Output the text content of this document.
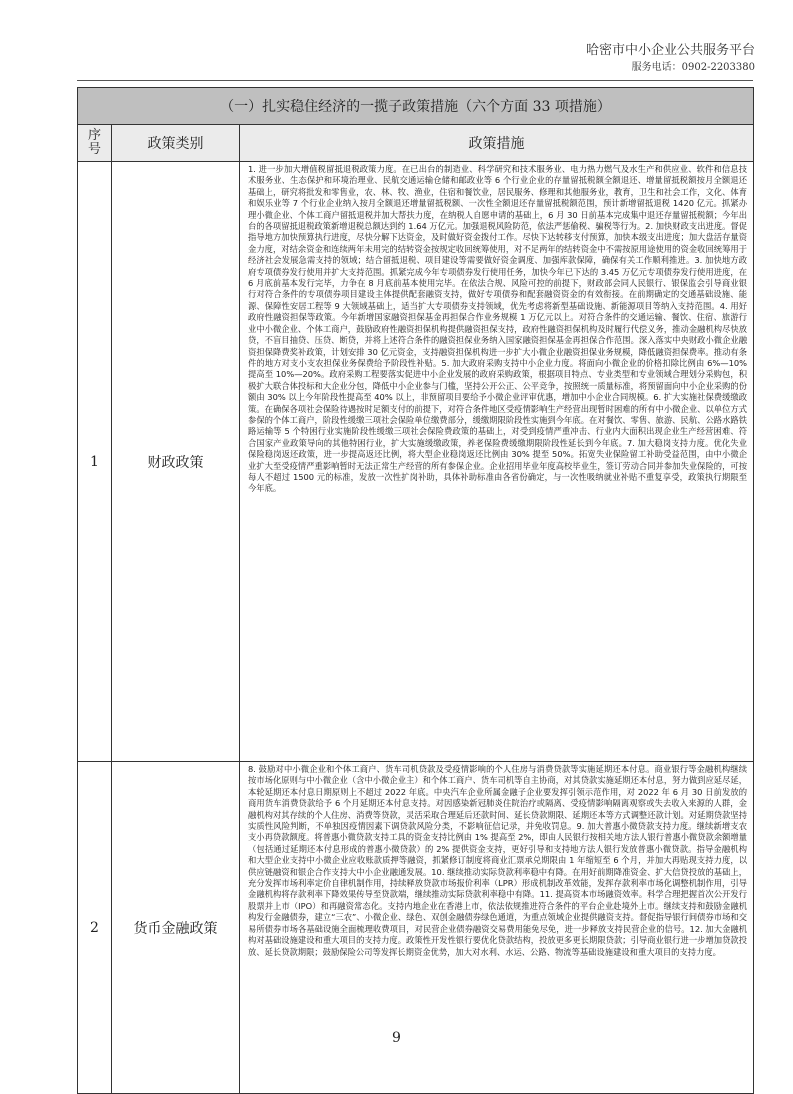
哈密市中小企业公共服务平台
服务电话：0902-2203380
（一）扎实稳住经济的一揽子政策措施（六个方面 33 项措施）		

序
号	政策类别	政策措施
1	财政政策	1. 进一步加大增值税留抵退税政策力度。在已出台的制造业、科学研究和技术服务业、电力热力燃气及水生产和供应业、软件和信息技术服务业、生态保护和环境治理业、民航交通运输仓储和邮政业等 6 个行业企业的存量留抵税额全额退还、增量留抵税额按月全额退还基础上，研究将批发和零售业，农、林、牧、渔业，住宿和餐饮业，居民服务、修理和其他服务业，教育，卫生和社会工作，文化、体育和娱乐业等 7 个行业企业纳入按月全额退还增量留抵税额、一次性全额退还存量留抵税额范围，预计新增留抵退税 1420 亿元。抓紧办理小微企业、个体工商户留抵退税并加大帮扶力度，在纳税人自愿申请的基础上，6 月 30 日前基本完成集中退还存量留抵税额；今年出台的各项留抵退税政策新增退税总额达到约 1.64 万亿元。加强退税风险防范，依法严惩偷税、骗税等行为。2. 加快财政支出进度。督促指导地方加快预算执行进度，尽快分解下达资金，及时做好资金拨付工作。尽快下达转移支付预算，加快本级支出进度；加大盘活存量资金力度，对结余资金和连续两年未用完的结转资金按规定收回统筹使用，对不足两年的结转资金中不需按原用途使用的资金收回统筹用于经济社会发展急需支持的领域；结合留抵退税、项目建设等需要做好资金调度、加强库款保障，确保有关工作顺利推进。3. 加快地方政府专项债券发行使用并扩大支持范围。抓紧完成今年专项债券发行使用任务，加快今年已下达的 3.45 万亿元专项债券发行使用进度，在 6 月底前基本发行完毕，力争在 8 月底前基本使用完毕。在依法合规、风险可控的前提下，财政部会同人民银行、银保监会引导商业银行对符合条件的专项债券项目建设主体提供配套融资支持，做好专项债券和配套融资资金的有效衔接。在前期确定的交通基础设施、能源、保障性安居工程等 9 大领域基础上，适当扩大专项债券支持领域，优先考虑将新型基础设施、新能源项目等纳入支持范围。4. 用好政府性融资担保等政策。今年新增国家融资担保基金再担保合作业务规模 1 万亿元以上。对符合条件的交通运输、餐饮、住宿、旅游行业中小微企业、个体工商户，鼓励政府性融资担保机构提供融资担保支持，政府性融资担保机构及时履行代偿义务，推动金融机构尽快放贷，不盲目抽贷、压贷、断贷，并将上述符合条件的融资担保业务纳入国家融资担保基金再担保合作范围。深入落实中央财政小微企业融资担保降费奖补政策，计划安排 30 亿元资金，支持融资担保机构进一步扩大小微企业融资担保业务规模，降低融资担保费率。推动有条件的地方对支小支农担保业务保费给予阶段性补贴。5. 加大政府采购支持中小企业力度。将面向小微企业的价格扣除比例由 6%—10% 提高至 10%—20%。政府采购工程要落实促进中小企业发展的政府采购政策，根据项目特点、专业类型和专业领域合理划分采购包，积极扩大联合体投标和大企业分包，降低中小企业参与门槛，坚持公开公正、公平竞争，按照统一质量标准，将预留面向中小企业采购的份额由 30% 以上今年阶段性提高至 40% 以上，非预留项目要给予小微企业评审优惠，增加中小企业合同规模。6. 扩大实施社保费缓缴政策。在确保各项社会保险待遇按时足额支付的前提下，对符合条件地区受疫情影响生产经营出现暂时困难的所有中小微企业、以单位方式参保的个体工商户，阶段性缓缴三项社会保险单位缴费部分，缓缴期限阶段性实施到今年底。在对餐饮、零售、旅游、民航、公路水路铁路运输等 5 个特困行业实施阶段性缓缴三项社会保险费政策的基础上，对受到疫情严重冲击、行业内大面积出现企业生产经营困难、符合国家产业政策导向的其他特困行业，扩大实施缓缴政策，养老保险费缓缴期限阶段性延长到今年底。7. 加大稳岗支持力度。优化失业保险稳岗返还政策，进一步提高返还比例，将大型企业稳岗返还比例由 30% 提至 50%。拓宽失业保险留工补助受益范围，由中小微企业扩大至受疫情严重影响暂时无法正常生产经营的所有参保企业。企业招用毕业年度高校毕业生，签订劳动合同并参加失业保险的，可按每人不超过 1500 元的标准，发放一次性扩岗补助，具体补助标准由各省份确定，与一次性吸纳就业补贴不重复享受，政策执行期限至今年底。

2	货币金融政策	8. 鼓励对中小微企业和个体工商户、货车司机贷款及受疫情影响的个人住房与消费贷款等实施延期还本付息。商业银行等金融机构继续按市场化原则与中小微企业（含中小微企业主）和个体工商户、货车司机等自主协商，对其贷款实施延期还本付息，努力做到应延尽延，本轮延期还本付息日期原则上不超过 2022 年底。中央汽车企业所属金融子企业要发挥引领示范作用，对 2022 年 6 月 30 日前发放的商用货车消费贷款给予 6 个月延期还本付息支持。对因感染新冠肺炎住院治疗或隔离、受疫情影响隔离观察或失去收入来源的人群，金融机构对其存续的个人住房、消费等贷款，灵活采取合理延后还款时间、延长贷款期限、延期还本等方式调整还款计划。对延期贷款坚持实质性风险判断，不单独因疫情因素下调贷款风险分类，不影响征信记录，并免收罚息。9. 加大普惠小微贷款支持力度。继续新增支农支小再贷款额度。将普惠小微贷款支持工具的资金支持比例由 1% 提高至 2%，即由人民银行按相关地方法人银行普惠小微贷款余额增量（包括通过延期还本付息形成的普惠小微贷款）的 2% 提供资金支持，更好引导和支持地方法人银行发放普惠小微贷款。指导金融机构和大型企业支持中小微企业应收账款质押等融资，抓紧修订制度将商业汇票承兑期限由 1 年缩短至 6 个月，并加大再贴现支持力度，以供应链融资和银企合作支持大中小企业融通发展。10. 继续推动实际贷款利率稳中有降。在用好前期降准资金、扩大信贷投放的基础上，充分发挥市场利率定价自律机制作用，持续释放贷款市场报价利率（LPR）形成机制改革效能，发挥存款利率市场化调整机制作用，引导金融机构将存款利率下降效果传导至贷款端，继续推动实际贷款利率稳中有降。11. 提高资本市场融资效率。科学合理把握首次公开发行股票并上市（IPO）和再融资常态化。支持内地企业在香港上市，依法依规推进符合条件的平台企业赴境外上市。继续支持和鼓励金融机构发行金融债券，建立“三农”、小微企业、绿色、双创金融债券绿色通道，为重点领域企业提供融资支持。督促指导银行间债券市场和交易所债券市场各基础设施全面梳理收费项目，对民营企业债券融资交易费用能免尽免，进一步释放支持民营企业的信号。12. 加大金融机构对基础设施建设和重大项目的支持力度。政策性开发性银行要优化贷款结构，投放更多更长期限贷款；引导商业银行进一步增加贷款投放、延长贷款期限；鼓励保险公司等发挥长期资金优势，加大对水利、水运、公路、物流等基础设施建设和重大项目的支持力度。

9
